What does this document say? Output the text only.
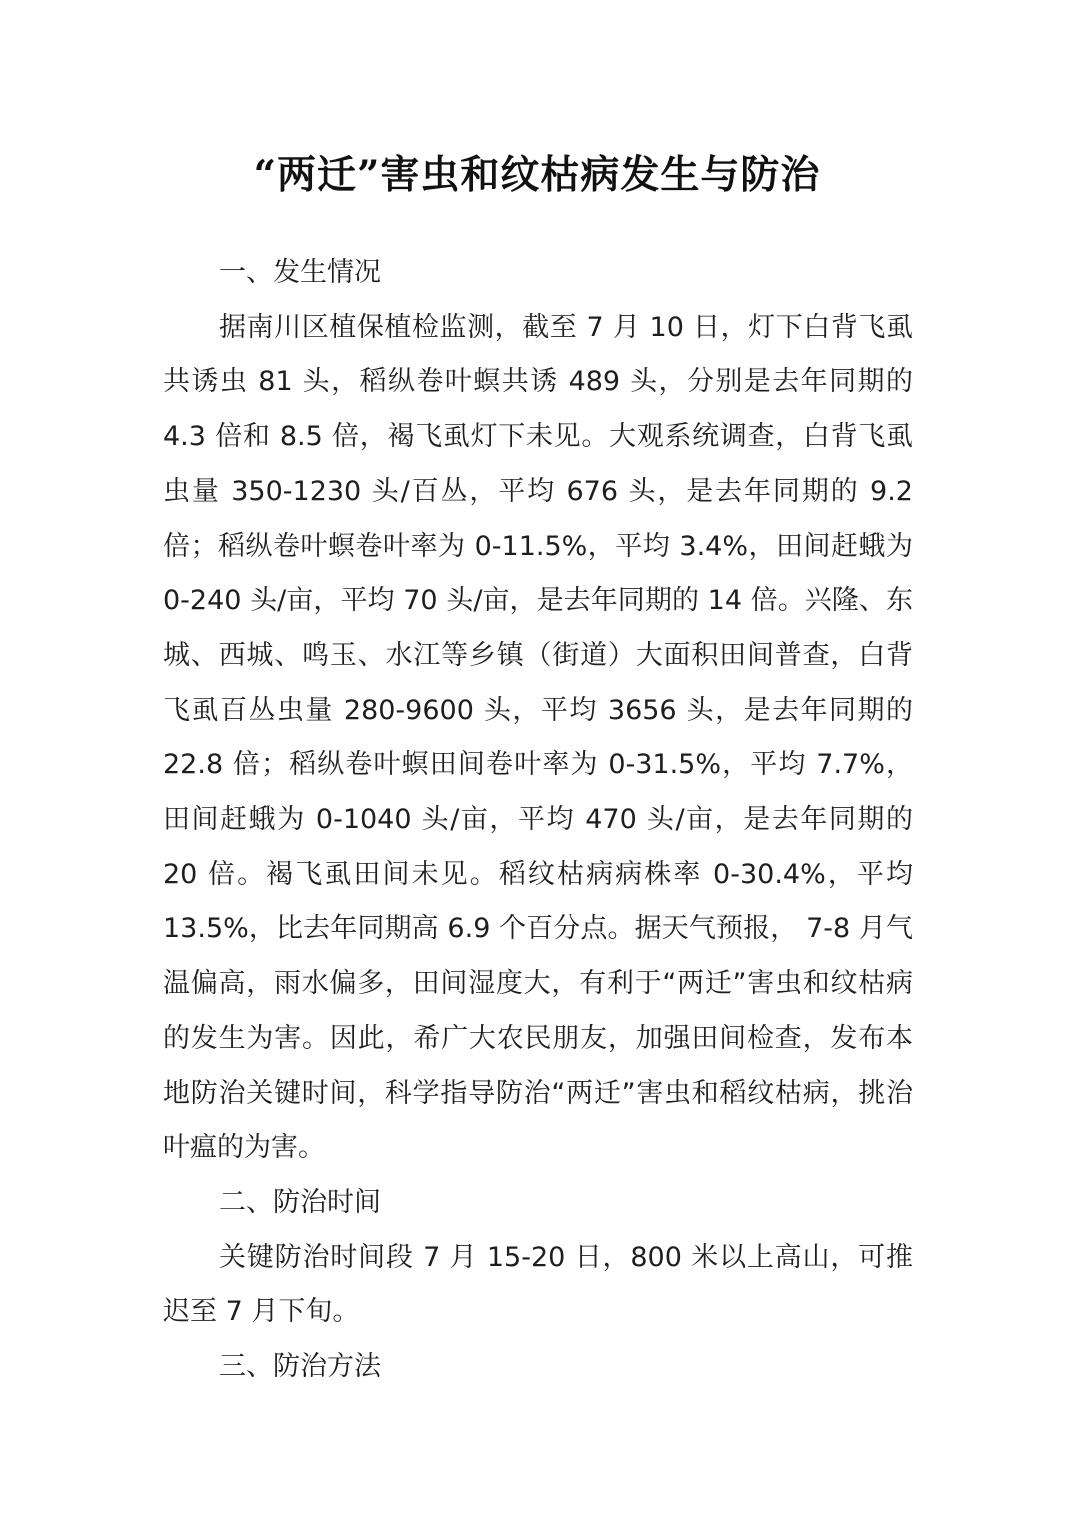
“两迁”害虫和纹枯病发生与防治

一、发生情况

据南川区植保植检监测，截至 7 月 10 日，灯下白背飞虱共诱虫 81 头，稻纵卷叶螟共诱 489 头，分别是去年同期的 4.3 倍和 8.5 倍，褐飞虱灯下未见。大观系统调查，白背飞虱虫量 350-1230 头/百丛，平均 676 头，是去年同期的 9.2 倍；稻纵卷叶螟卷叶率为 0-11.5%，平均 3.4%，田间赶蛾为 0-240 头/亩，平均 70 头/亩，是去年同期的 14 倍。兴隆、东城、西城、鸣玉、水江等乡镇（街道）大面积田间普查，白背飞虱百丛虫量 280-9600 头，平均 3656 头，是去年同期的 22.8 倍；稻纵卷叶螟田间卷叶率为 0-31.5%，平均 7.7%，田间赶蛾为 0-1040 头/亩，平均 470 头/亩，是去年同期的 20 倍。褐飞虱田间未见。稻纹枯病病株率 0-30.4%，平均 13.5%，比去年同期高 6.9 个百分点。据天气预报， 7-8 月气温偏高，雨水偏多，田间湿度大，有利于“两迁”害虫和纹枯病的发生为害。因此，希广大农民朋友，加强田间检查，发布本地防治关键时间，科学指导防治“两迁”害虫和稻纹枯病，挑治叶瘟的为害。

二、防治时间

关键防治时间段 7 月 15-20 日，800 米以上高山，可推迟至 7 月下旬。

三、防治方法
